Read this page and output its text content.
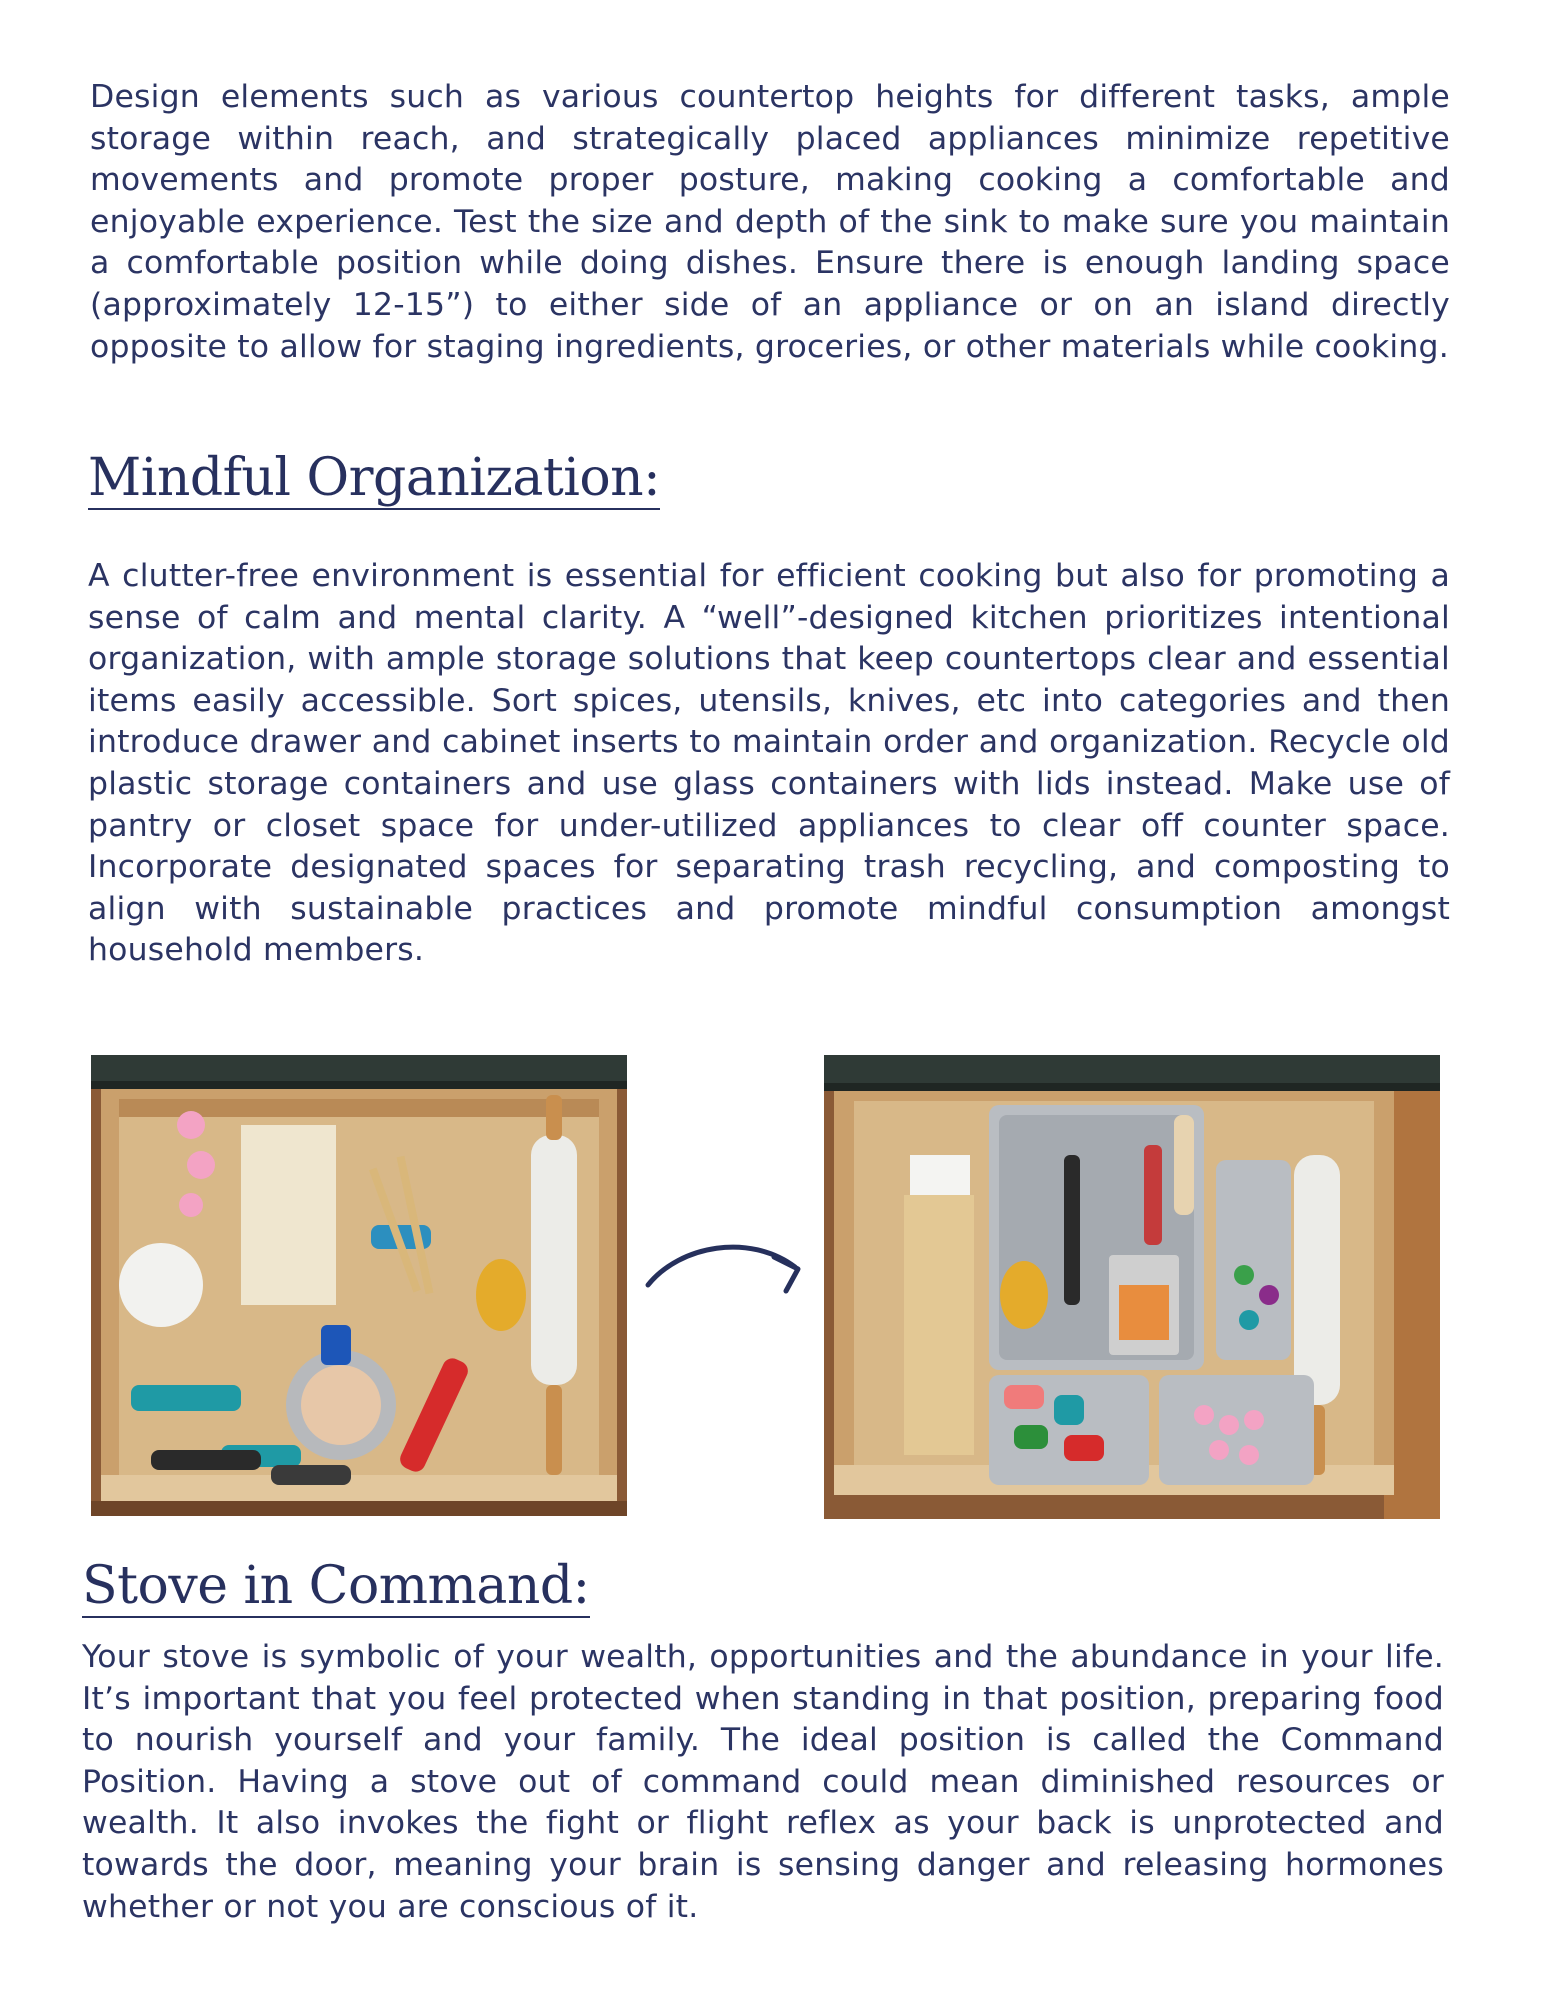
Design elements such as various countertop heights for different tasks, ample storage within reach, and strategically placed appliances minimize repetitive movements and promote proper posture, making cooking a comfortable and enjoyable experience. Test the size and depth of the sink to make sure you maintain a comfortable position while doing dishes. Ensure there is enough landing space (approximately 12-15”) to either side of an appliance or on an island directly opposite to allow for staging ingredients, groceries, or other materials while cooking.

Mindful Organization:

A clutter-free environment is essential for efficient cooking but also for promoting a sense of calm and mental clarity. A “well”-designed kitchen prioritizes intentional organization, with ample storage solutions that keep countertops clear and essential items easily accessible. Sort spices, utensils, knives, etc into categories and then introduce drawer and cabinet inserts to maintain order and organization. Recycle old plastic storage containers and use glass containers with lids instead. Make use of pantry or closet space for under-utilized appliances to clear off counter space. Incorporate designated spaces for separating trash recycling, and composting to align with sustainable practices and promote mindful consumption amongst household members.

Stove in Command:

Your stove is symbolic of your wealth, opportunities and the abundance in your life. It’s important that you feel protected when standing in that position, preparing food to nourish yourself and your family. The ideal position is called the Command Position. Having a stove out of command could mean diminished resources or wealth. It also invokes the fight or flight reflex as your back is unprotected and towards the door, meaning your brain is sensing danger and releasing hormones whether or not you are conscious of it.
